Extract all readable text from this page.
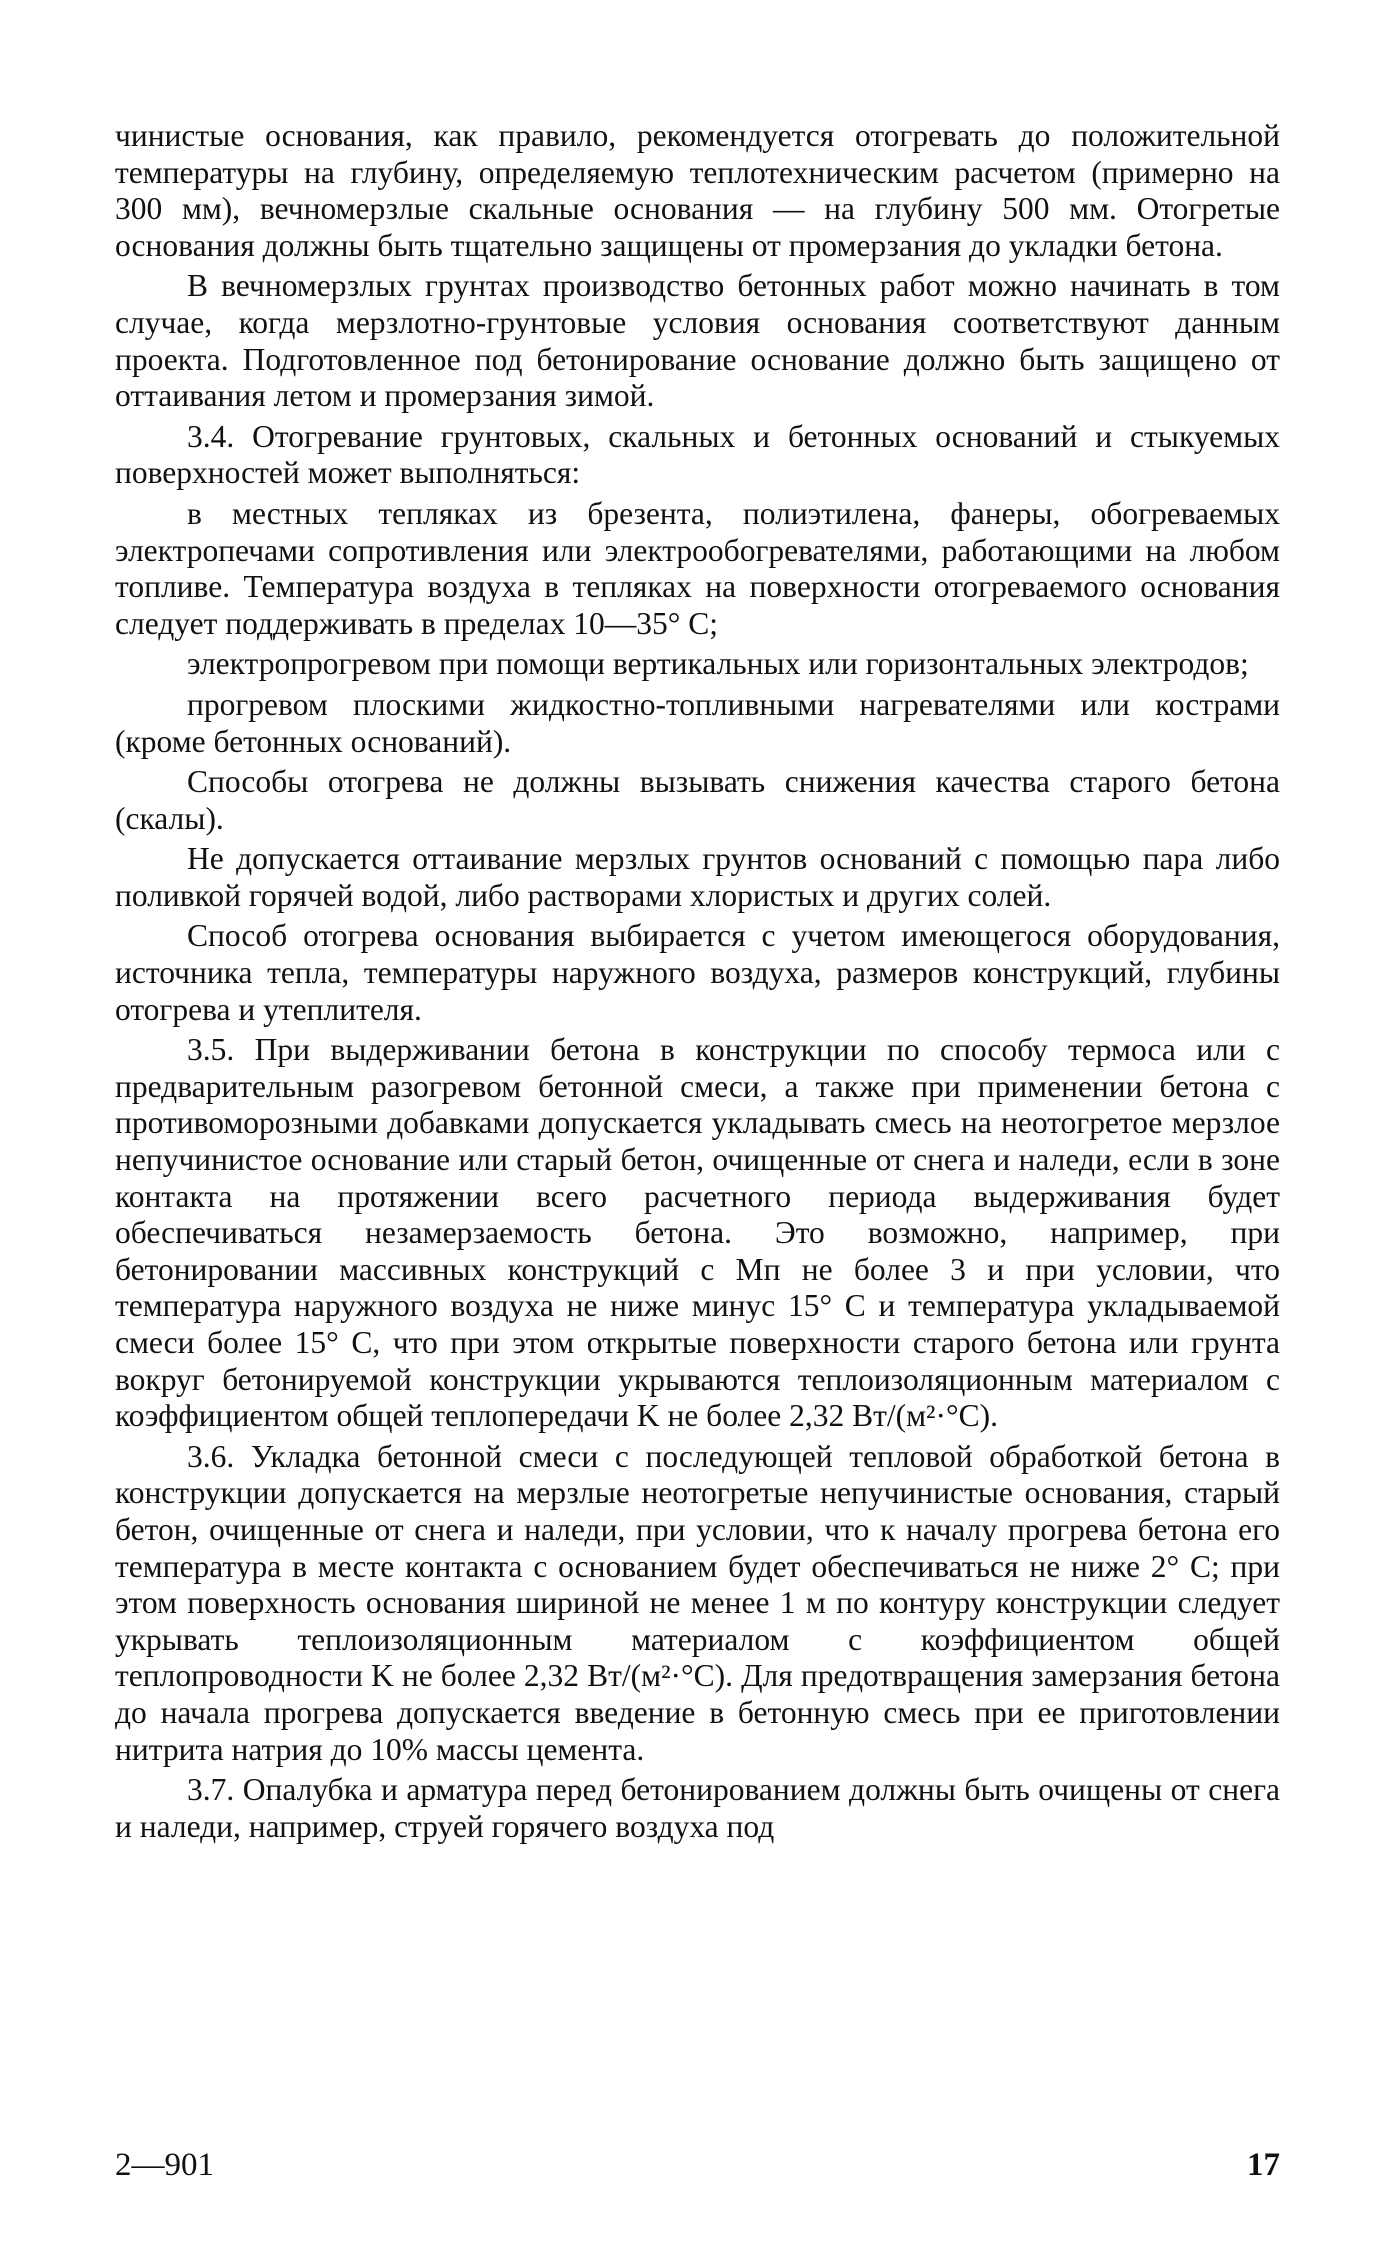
чинистые основания, как правило, рекомендуется отогревать до положительной температуры на глубину, определяемую теплотехническим расчетом (примерно на 300 мм), вечномерзлые скальные основания — на глубину 500 мм. Отогретые основания должны быть тщательно защищены от промерзания до укладки бетона.

В вечномерзлых грунтах производство бетонных работ можно начинать в том случае, когда мерзлотно-грунтовые условия основания соответствуют данным проекта. Подготовленное под бетонирование основание должно быть защищено от оттаивания летом и промерзания зимой.

3.4. Отогревание грунтовых, скальных и бетонных оснований и стыкуемых поверхностей может выполняться:

в местных тепляках из брезента, полиэтилена, фанеры, обогреваемых электропечами сопротивления или электрообогревателями, работающими на любом топливе. Температура воздуха в тепляках на поверхности отогреваемого основания следует поддерживать в пределах 10—35° С;

электропрогревом при помощи вертикальных или горизонтальных электродов;

прогревом плоскими жидкостно-топливными нагревателями или кострами (кроме бетонных оснований).

Способы отогрева не должны вызывать снижения качества старого бетона (скалы).

Не допускается оттаивание мерзлых грунтов оснований с помощью пара либо поливкой горячей водой, либо растворами хлористых и других солей.

Способ отогрева основания выбирается с учетом имеющегося оборудования, источника тепла, температуры наружного воздуха, размеров конструкций, глубины отогрева и утеплителя.

3.5. При выдерживании бетона в конструкции по способу термоса или с предварительным разогревом бетонной смеси, а также при применении бетона с противоморозными добавками допускается укладывать смесь на неотогретое мерзлое непучинистое основание или старый бетон, очищенные от снега и наледи, если в зоне контакта на протяжении всего расчетного периода выдерживания будет обеспечиваться незамерзаемость бетона. Это возможно, например, при бетонировании массивных конструкций с Мп не более 3 и при условии, что температура наружного воздуха не ниже минус 15° С и температура укладываемой смеси более 15° С, что при этом открытые поверхности старого бетона или грунта вокруг бетонируемой конструкции укрываются теплоизоляционным материалом с коэффициентом общей теплопередачи K не более 2,32 Вт/(м²·°С).

3.6. Укладка бетонной смеси с последующей тепловой обработкой бетона в конструкции допускается на мерзлые неотогретые непучинистые основания, старый бетон, очищенные от снега и наледи, при условии, что к началу прогрева бетона его температура в месте контакта с основанием будет обеспечиваться не ниже 2° С; при этом поверхность основания шириной не менее 1 м по контуру конструкции следует укрывать теплоизоляционным материалом с коэффициентом общей теплопроводности K не более 2,32 Вт/(м²·°С). Для предотвращения замерзания бетона до начала прогрева допускается введение в бетонную смесь при ее приготовлении нитрита натрия до 10% массы цемента.

3.7. Опалубка и арматура перед бетонированием должны быть очищены от снега и наледи, например, струей горячего воздуха под

2—901	17
